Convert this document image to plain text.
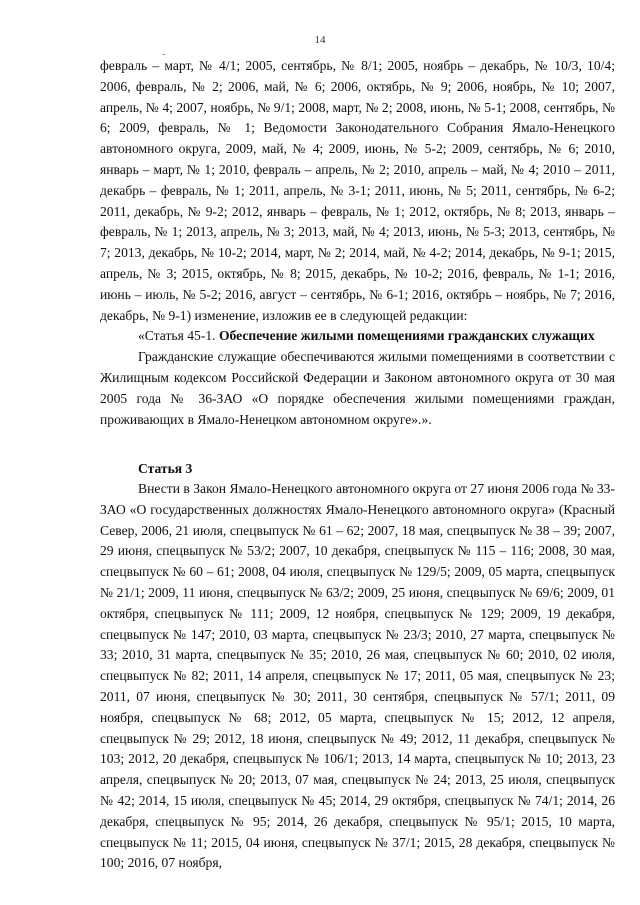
14

февраль – март, № 4/1; 2005, сентябрь, № 8/1; 2005, ноябрь – декабрь, № 10/3, 10/4; 2006, февраль, № 2; 2006, май, № 6; 2006, октябрь, № 9; 2006, ноябрь, № 10; 2007, апрель, № 4; 2007, ноябрь, № 9/1; 2008, март, № 2; 2008, июнь, № 5-1; 2008, сентябрь, № 6; 2009, февраль, № 1; Ведомости Законодательного Собрания Ямало-Ненецкого автономного округа, 2009, май, № 4; 2009, июнь, № 5-2; 2009, сентябрь, № 6; 2010, январь – март, № 1; 2010, февраль – апрель, № 2; 2010, апрель – май, № 4; 2010 – 2011, декабрь – февраль, № 1; 2011, апрель, № 3-1; 2011, июнь, № 5; 2011, сентябрь, № 6-2; 2011, декабрь, № 9-2; 2012, январь – февраль, № 1; 2012, октябрь, № 8; 2013, январь – февраль, № 1; 2013, апрель, № 3; 2013, май, № 4; 2013, июнь, № 5-3; 2013, сентябрь, № 7; 2013, декабрь, № 10-2; 2014, март, № 2; 2014, май, № 4-2; 2014, декабрь, № 9-1; 2015, апрель, № 3; 2015, октябрь, № 8; 2015, декабрь, № 10-2; 2016, февраль, № 1-1; 2016, июнь – июль, № 5-2; 2016, август – сентябрь, № 6-1; 2016, октябрь – ноябрь, № 7; 2016, декабрь, № 9-1) изменение, изложив ее в следующей редакции:

«Статья 45-1. Обеспечение жилыми помещениями гражданских служащих

Гражданские служащие обеспечиваются жилыми помещениями в соответствии с Жилищным кодексом Российской Федерации и Законом автономного округа от 30 мая 2005 года № 36-ЗАО «О порядке обеспечения жилыми помещениями граждан, проживающих в Ямало-Ненецком автономном округе».».

Статья 3

Внести в Закон Ямало-Ненецкого автономного округа от 27 июня 2006 года № 33-ЗАО «О государственных должностях Ямало-Ненецкого автономного округа» (Красный Север, 2006, 21 июля, спецвыпуск № 61 – 62; 2007, 18 мая, спецвыпуск № 38 – 39; 2007, 29 июня, спецвыпуск № 53/2; 2007, 10 декабря, спецвыпуск № 115 – 116; 2008, 30 мая, спецвыпуск № 60 – 61; 2008, 04 июля, спецвыпуск № 129/5; 2009, 05 марта, спецвыпуск № 21/1; 2009, 11 июня, спецвыпуск № 63/2; 2009, 25 июня, спецвыпуск № 69/6; 2009, 01 октября, спецвыпуск № 111; 2009, 12 ноября, спецвыпуск № 129; 2009, 19 декабря, спецвыпуск № 147; 2010, 03 марта, спецвыпуск № 23/3; 2010, 27 марта, спецвыпуск № 33; 2010, 31 марта, спецвыпуск № 35; 2010, 26 мая, спецвыпуск № 60; 2010, 02 июля, спецвыпуск № 82; 2011, 14 апреля, спецвыпуск № 17; 2011, 05 мая, спецвыпуск № 23; 2011, 07 июня, спецвыпуск № 30; 2011, 30 сентября, спецвыпуск № 57/1; 2011, 09 ноября, спецвыпуск № 68; 2012, 05 марта, спецвыпуск № 15; 2012, 12 апреля, спецвыпуск № 29; 2012, 18 июня, спецвыпуск № 49; 2012, 11 декабря, спецвыпуск № 103; 2012, 20 декабря, спецвыпуск № 106/1; 2013, 14 марта, спецвыпуск № 10; 2013, 23 апреля, спецвыпуск № 20; 2013, 07 мая, спецвыпуск № 24; 2013, 25 июля, спецвыпуск № 42; 2014, 15 июля, спецвыпуск № 45; 2014, 29 октября, спецвыпуск № 74/1; 2014, 26 декабря, спецвыпуск № 95; 2014, 26 декабря, спецвыпуск № 95/1; 2015, 10 марта, спецвыпуск № 11; 2015, 04 июня, спецвыпуск № 37/1; 2015, 28 декабря, спецвыпуск № 100; 2016, 07 ноября,
